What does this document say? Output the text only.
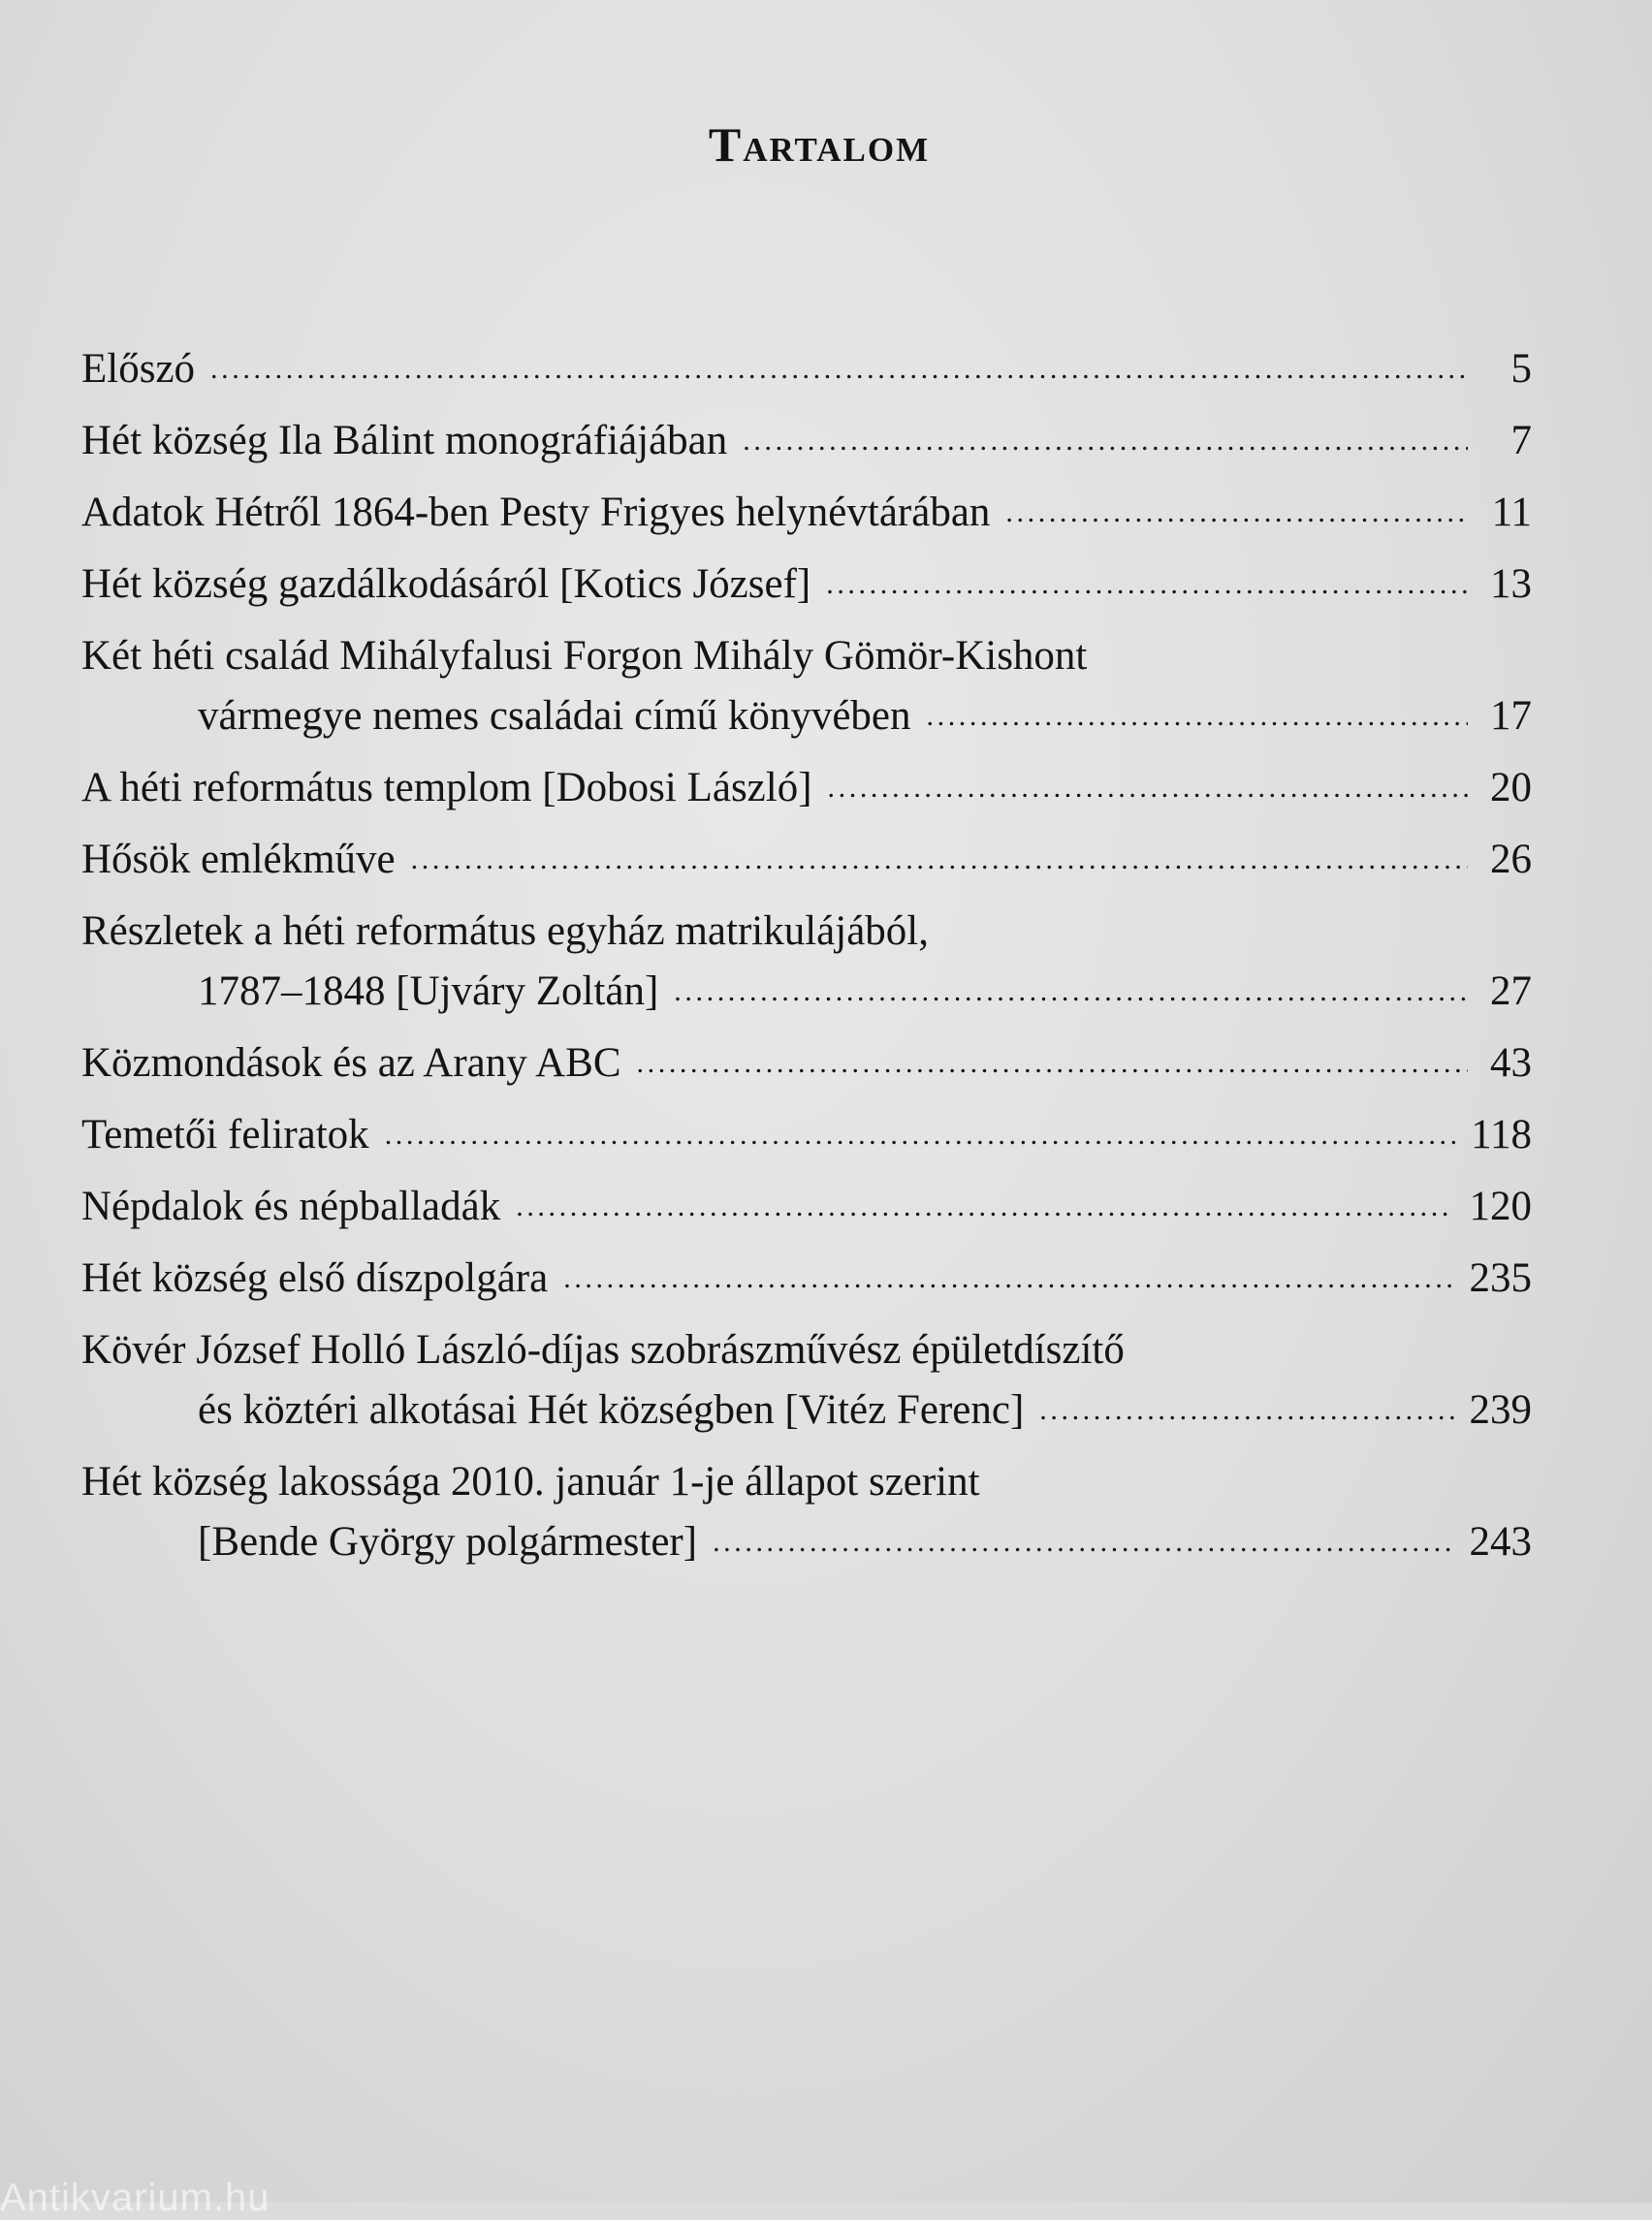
Tartalom
Előszó .....	5
Hét község Ila Bálint monográfiájában .....	7
Adatok Hétről 1864-ben Pesty Frigyes helynévtárában .....	11
Hét község gazdálkodásáról [Kotics József] .....	13
Két héti család Mihályfalusi Forgon Mihály Gömör-Kishont
vármegye nemes családai című könyvében .....	17
A héti református templom [Dobosi László] .....	20
Hősök emlékműve .....	26
Részletek a héti református egyház matrikulájából,
1787–1848 [Ujváry Zoltán] .....	27
Közmondások és az Arany ABC .....	43
Temetői feliratok .....	118
Népdalok és népballadák .....	120
Hét község első díszpolgára .....	235
Kövér József Holló László-díjas szobrászművész épületdíszítő
és köztéri alkotásai Hét községben [Vitéz Ferenc] .....	239
Hét község lakossága 2010. január 1-je állapot szerint
[Bende György polgármester] .....	243
Antikvarium.hu
